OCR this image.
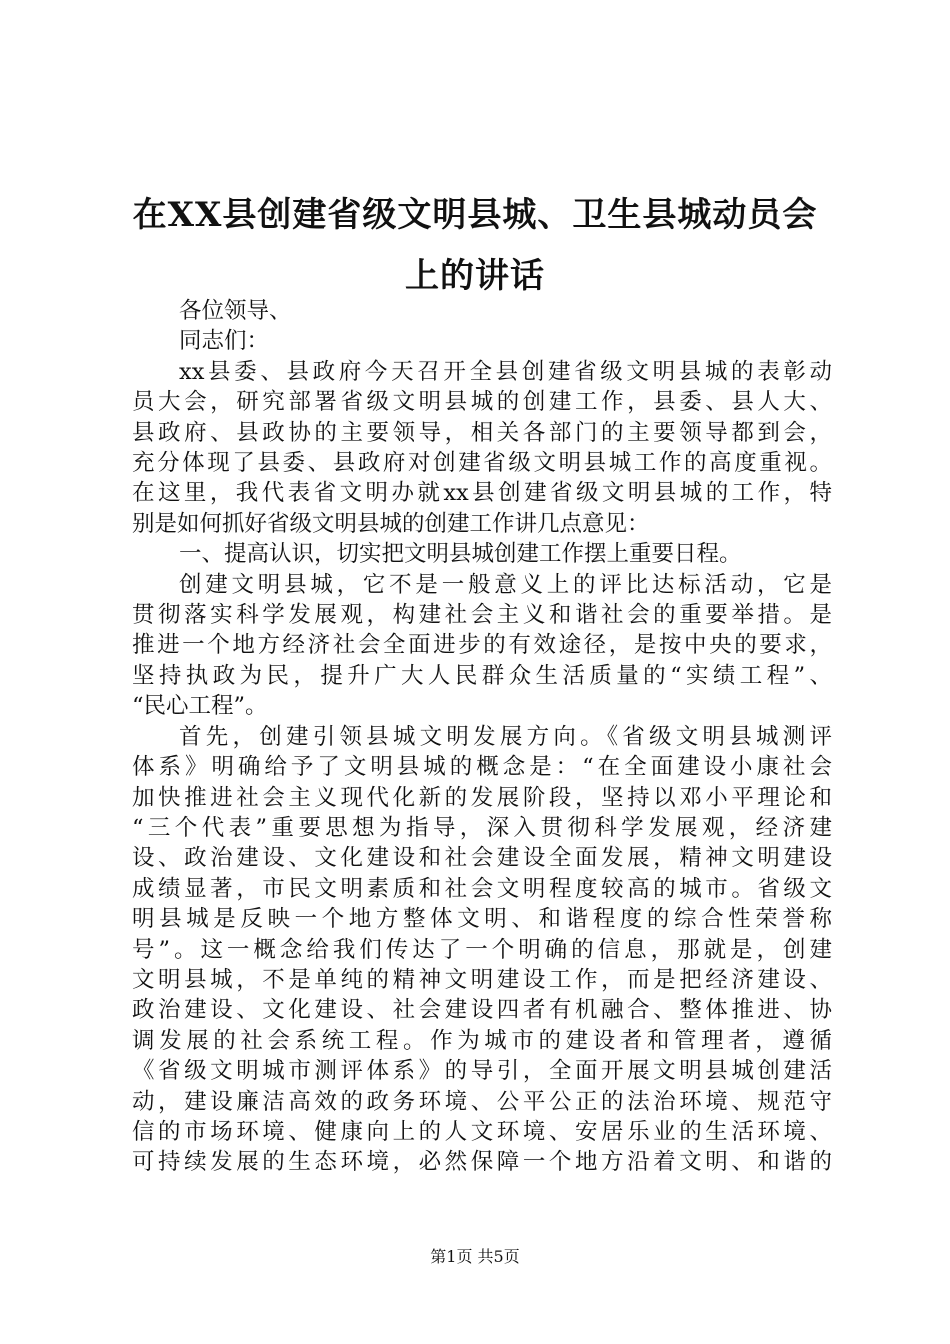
在XX县创建省级文明县城、卫生县城动员会
上的讲话
各位领导、
同志们：
xx县委、县政府今天召开全县创建省级文明县城的表彰动
员大会，研究部署省级文明县城的创建工作，县委、县人大、
县政府、县政协的主要领导，相关各部门的主要领导都到会，
充分体现了县委、县政府对创建省级文明县城工作的高度重视。
在这里，我代表省文明办就xx县创建省级文明县城的工作，特
别是如何抓好省级文明县城的创建工作讲几点意见：
一、提高认识，切实把文明县城创建工作摆上重要日程。
创建文明县城，它不是一般意义上的评比达标活动，它是
贯彻落实科学发展观，构建社会主义和谐社会的重要举措。是
推进一个地方经济社会全面进步的有效途径，是按中央的要求，
坚持执政为民，提升广大人民群众生活质量的“实绩工程”、
“民心工程”。
首先，创建引领县城文明发展方向。《省级文明县城测评
体系》明确给予了文明县城的概念是：“在全面建设小康社会
加快推进社会主义现代化新的发展阶段，坚持以邓小平理论和
“三个代表”重要思想为指导，深入贯彻科学发展观，经济建
设、政治建设、文化建设和社会建设全面发展，精神文明建设
成绩显著，市民文明素质和社会文明程度较高的城市。省级文
明县城是反映一个地方整体文明、和谐程度的综合性荣誉称
号”。这一概念给我们传达了一个明确的信息，那就是，创建
文明县城，不是单纯的精神文明建设工作，而是把经济建设、
政治建设、文化建设、社会建设四者有机融合、整体推进、协
调发展的社会系统工程。作为城市的建设者和管理者，遵循
《省级文明城市测评体系》的导引，全面开展文明县城创建活
动，建设廉洁高效的政务环境、公平公正的法治环境、规范守
信的市场环境、健康向上的人文环境、安居乐业的生活环境、
可持续发展的生态环境，必然保障一个地方沿着文明、和谐的
第1页 共5页
